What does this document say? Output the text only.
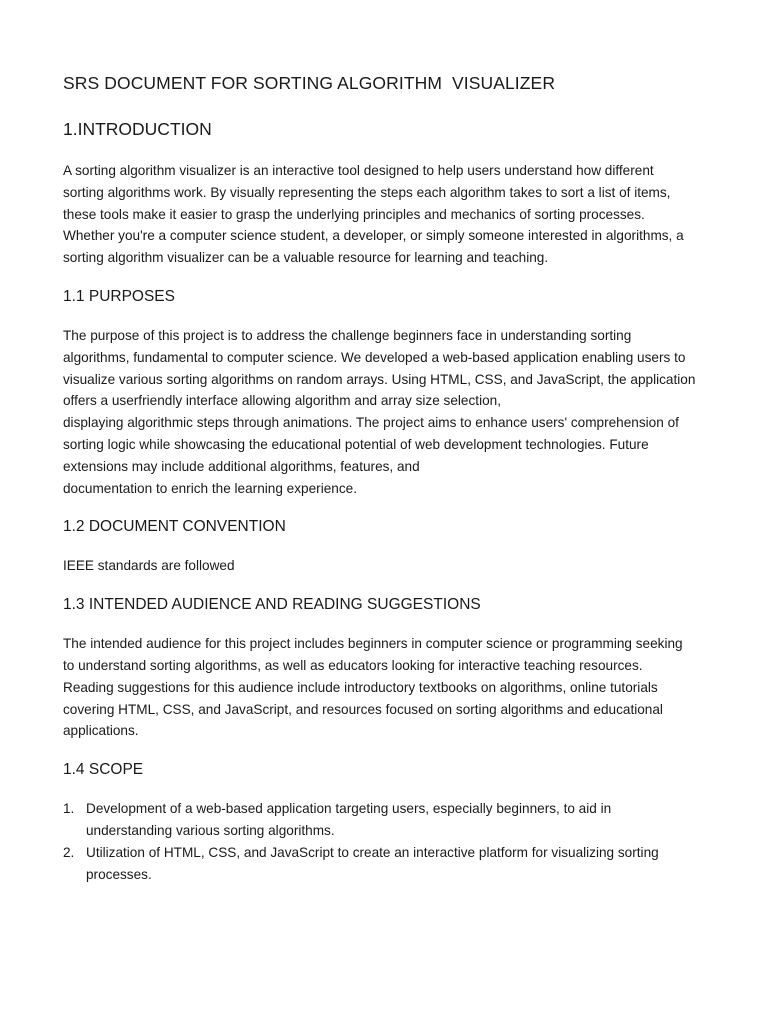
SRS DOCUMENT FOR SORTING ALGORITHM  VISUALIZER
1.INTRODUCTION

A sorting algorithm visualizer is an interactive tool designed to help users understand how different
sorting algorithms work. By visually representing the steps each algorithm takes to sort a list of items,
these tools make it easier to grasp the underlying principles and mechanics of sorting processes.
Whether you're a computer science student, a developer, or simply someone interested in algorithms, a
sorting algorithm visualizer can be a valuable resource for learning and teaching.

1.1 PURPOSES

The purpose of this project is to address the challenge beginners face in understanding sorting
algorithms, fundamental to computer science. We developed a web-based application enabling users to
visualize various sorting algorithms on random arrays. Using HTML, CSS, and JavaScript, the application
offers a userfriendly interface allowing algorithm and array size selection,
displaying algorithmic steps through animations. The project aims to enhance users' comprehension of
sorting logic while showcasing the educational potential of web development technologies. Future
extensions may include additional algorithms, features, and
documentation to enrich the learning experience.

1.2 DOCUMENT CONVENTION

IEEE standards are followed

1.3 INTENDED AUDIENCE AND READING SUGGESTIONS

The intended audience for this project includes beginners in computer science or programming seeking
to understand sorting algorithms, as well as educators looking for interactive teaching resources.
Reading suggestions for this audience include introductory textbooks on algorithms, online tutorials
covering HTML, CSS, and JavaScript, and resources focused on sorting algorithms and educational
applications.

1.4 SCOPE
1. Development of a web-based application targeting users, especially beginners, to aid in
understanding various sorting algorithms.
2. Utilization of HTML, CSS, and JavaScript to create an interactive platform for visualizing sorting
processes.
